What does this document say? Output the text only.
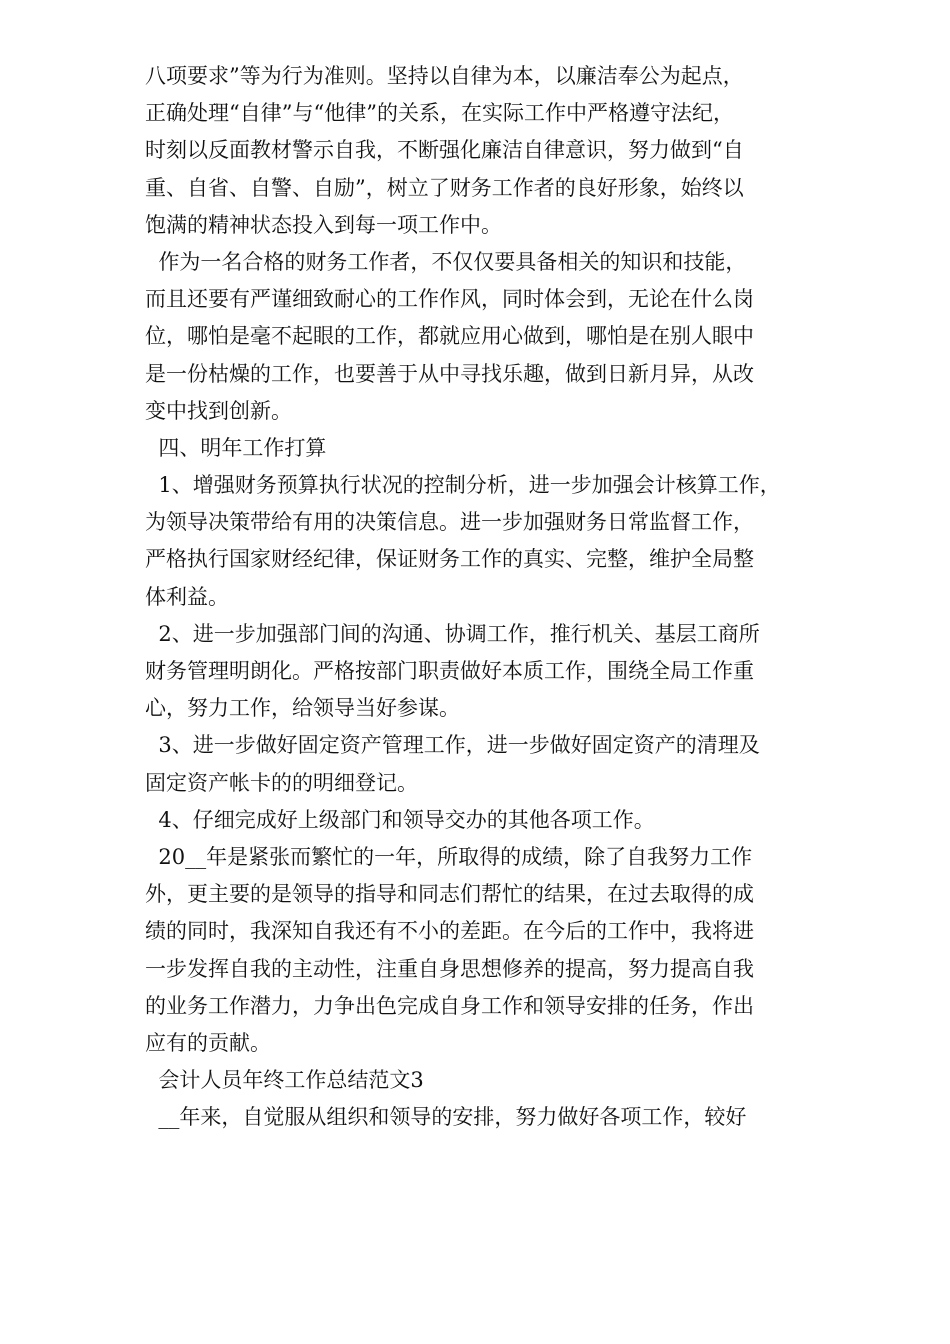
八项要求”等为行为准则。坚持以自律为本，以廉洁奉公为起点，
正确处理“自律”与“他律”的关系，在实际工作中严格遵守法纪，
时刻以反面教材警示自我，不断强化廉洁自律意识，努力做到“自
重、自省、自警、自励”，树立了财务工作者的良好形象，始终以
饱满的精神状态投入到每一项工作中。
作为一名合格的财务工作者，不仅仅要具备相关的知识和技能，
而且还要有严谨细致耐心的工作作风，同时体会到，无论在什么岗
位，哪怕是毫不起眼的工作，都就应用心做到，哪怕是在别人眼中
是一份枯燥的工作，也要善于从中寻找乐趣，做到日新月异，从改
变中找到创新。
四、明年工作打算
1、增强财务预算执行状况的控制分析，进一步加强会计核算工作，
为领导决策带给有用的决策信息。进一步加强财务日常监督工作，
严格执行国家财经纪律，保证财务工作的真实、完整，维护全局整
体利益。
2、进一步加强部门间的沟通、协调工作，推行机关、基层工商所
财务管理明朗化。严格按部门职责做好本质工作，围绕全局工作重
心，努力工作，给领导当好参谋。
3、进一步做好固定资产管理工作，进一步做好固定资产的清理及
固定资产帐卡的的明细登记。
4、仔细完成好上级部门和领导交办的其他各项工作。
20__年是紧张而繁忙的一年，所取得的成绩，除了自我努力工作
外，更主要的是领导的指导和同志们帮忙的结果，在过去取得的成
绩的同时，我深知自我还有不小的差距。在今后的工作中，我将进
一步发挥自我的主动性，注重自身思想修养的提高，努力提高自我
的业务工作潜力，力争出色完成自身工作和领导安排的任务，作出
应有的贡献。
会计人员年终工作总结范文3
__年来，自觉服从组织和领导的安排，努力做好各项工作，较好
